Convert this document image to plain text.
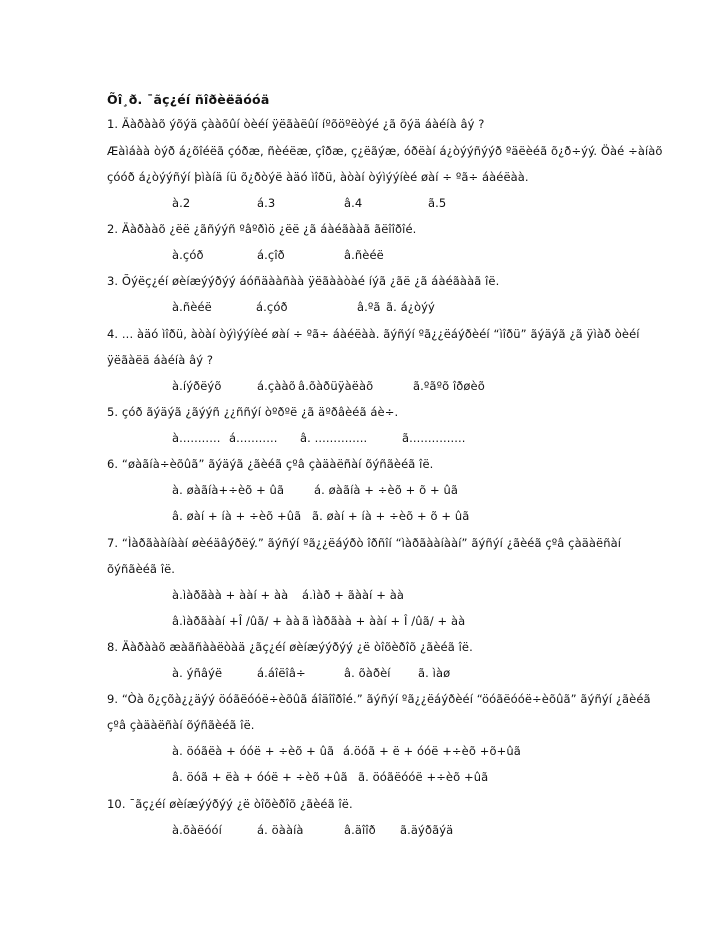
Õî¸ð. ¯ãç¿éí ñîðèëãóóä
1. Äàðààõ ýõýä çààõûí òèéí ÿëãàëûí íºõöºëòýé ¿ã õýä áàéíà âý ?
Æàìáàà òýð á¿õîéëã çóðæ, ñèéëæ, çîðæ, ç¿ëãýæ, óðëàí á¿òýýñýýð ºäëèéã õ¿ð÷ýý. Öàé ÷àíàõ
çóóð á¿òýýñýí þìàíä íü õ¿ðòýë àäó ìîðü, àòàí òýìýýíèé øàí ÷ ºã÷ áàéëàà.
à.2	á.3	â.4	ã.5
2. Äàðààõ ¿ëë ¿ãñýýñ ºâºðìö ¿ëë ¿ã áàéãààã ãëîîðîé.
à.çóð	á.çîð	â.ñèéë
3. Õýëç¿éí øèíæýýðýý áóñäààñàà ÿëãààòàé íýã ¿ãë ¿ã áàéãààã îë.
à.ñèéë	á.çóð	â.ºã ã. á¿òýý
4. ... àäó ìîðü, àòàí òýìýýíèé øàí ÷ ºã÷ áàéëàà. ãýñýí ºã¿¿ëáýðèéí “ìîðü” ãýäýã ¿ã ÿìàð òèéí
ÿëãàëä áàéíà âý ?
à.íýðëýõ	á.çààõ â.õàðüÿàëàõ	ã.ºãºõ îðøèõ
5. çóð ãýäýã ¿ãýýñ ¿¿ññýí òºðºë ¿ã äºðâèéã áè÷.
à........... á........... â. ..............	ã...............
6. “øàãíà÷èõûã” ãýäýã ¿ãèéã çºâ çàäàëñàí õýñãèéã îë.
à. øàãíà+÷èõ + ûã	á. øàãíà + ÷èõ + õ + ûã
â. øàí + íà + ÷èõ +ûã ã. øàí + íà + ÷èõ + õ + ûã
7. “Ìàðãààíààí øèéäâýðëý.” ãýñýí ºã¿¿ëáýðò îðñîí “ìàðãààíààí” ãýñýí ¿ãèéã çºâ çàäàëñàí
õýñãèéã îë.
à.ìàðãàà + ààí + àà á.ìàð + ãààí + àà
â.ìàðãààí +Î /ûã/ + àà ã ìàðãàà + ààí + Î /ûã/ + àà
8. Äàðààõ æàãñààëòàä ¿ãç¿éí øèíæýýðýý ¿ë òîõèðîõ ¿ãèéã îë.
à. ýñâýë	á.áîëîâ÷	â. õàðèí ã. ìàø
9. “Òà õ¿çõà¿¿äýý öóãëóóë÷èõûã áîäîîðîé.” ãýñýí ºã¿¿ëáýðèéí “öóãëóóë÷èõûã” ãýñýí ¿ãèéã
çºâ çàäàëñàí õýñãèéã îë.
à. öóãëà + óóë + ÷èõ + ûã á.öóã + ë + óóë +÷èõ +õ+ûã
â. öóã + ëà + óóë + ÷èõ +ûã ã. öóãëóóë +÷èõ +ûã
10. ¯ãç¿éí øèíæýýðýý ¿ë òîõèðîõ ¿ãèéã îë.
à.õàëóóí	á. öààíà	â.äîîð ã.äýðãýä
